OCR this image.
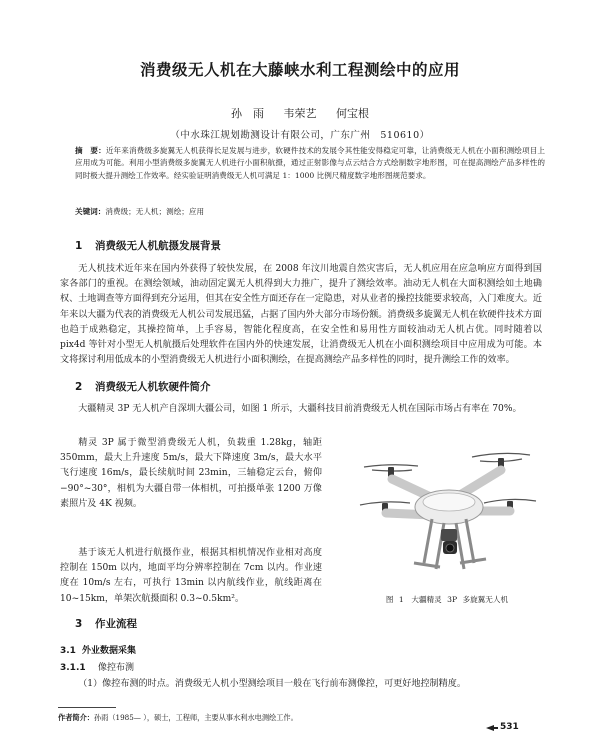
消费级无人机在大藤峡水利工程测绘中的应用
孙　雨 韦荣艺 何宝根
（中水珠江规划勘测设计有限公司，广东广州　510610）
摘　要：近年来消费级多旋翼无人机获得长足发展与进步，软硬件技术的发展令其性能安得稳定可靠，让消费级无人机在小面积测绘项目上应用成为可能。利用小型消费级多旋翼无人机进行小面积航摄，通过正射影像与点云结合方式绘制数字地形图，可在提高测绘产品多样性的同时极大提升测绘工作效率。经实验证明消费级无人机可满足 1：1000 比例尺精度数字地形图规范要求。
关键词：消费级；无人机；测绘；应用
1 消费级无人机航摄发展背景

无人机技术近年来在国内外获得了较快发展，在 2008 年汶川地震自然灾害后，无人机应用在应急响应方面得到国家各部门的重视。在测绘领域，油动固定翼无人机得到大力推广，提升了测绘效率。油动无人机在大面积测绘如土地确权、土地调查等方面得到充分运用，但其在安全性方面还存在一定隐患，对从业者的操控技能要求较高，入门难度大。近年来以大疆为代表的消费级无人机公司发展迅猛，占据了国内外大部分市场份额。消费级多旋翼无人机在软硬件技术方面也趋于成熟稳定，其操控简单，上手容易，智能化程度高，在安全性和易用性方面较油动无人机占优。同时随着以 pix4d 等针对小型无人机航摄后处理软件在国内外的快速发展，让消费级无人机在小面积测绘项目中应用成为可能。本文将探讨利用低成本的小型消费级无人机进行小面积测绘，在提高测绘产品多样性的同时，提升测绘工作的效率。

2 消费级无人机软硬件简介

大疆精灵 3P 无人机产自深圳大疆公司，如图 1 所示，大疆科技目前消费级无人机在国际市场占有率在 70%。

精灵 3P 属于微型消费级无人机，负载重 1.28kg，轴距 350mm，最大上升速度 5m/s，最大下降速度 3m/s，最大水平飞行速度 16m/s，最长续航时间 23min，三轴稳定云台，俯仰 −90°~30°，相机为大疆自带一体相机，可拍摄单张 1200 万像素照片及 4K 视频。

基于该无人机进行航摄作业，根据其相机情况作业相对高度控制在 150m 以内，地面平均分辨率控制在 7cm 以内。作业速度在 10m/s 左右，可执行 13min 以内航线作业，航线距离在 10~15km，单架次航摄面积 0.3~0.5km²。	图 1　大疆精灵 3P 多旋翼无人机
3 作业流程
3.1 外业数据采集
3.1.1 像控布测

（1）像控布测的时点。消费级无人机小型测绘项目一般在飞行前布测像控，可更好地控制精度。

作者简介：孙雨（1985— ），硕士，工程师，主要从事水利水电测绘工作。
531
